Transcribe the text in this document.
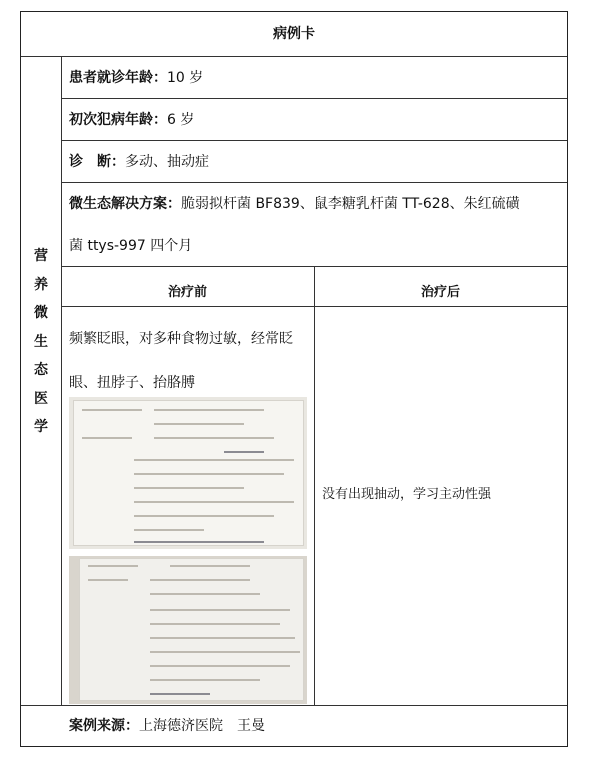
病例卡
营
养
微
生
态
医
学
患者就诊年龄：10 岁
初次犯病年龄：6 岁
诊　断：多动、抽动症
微生态解决方案：脆弱拟杆菌 BF839、鼠李糖乳杆菌 TT-628、朱红硫磺
菌 ttys-997 四个月
治疗前	治疗后
频繁眨眼，对多种食物过敏，经常眨眼、扭脖子、抬胳膊
没有出现抽动，学习主动性强
案例来源：上海德济医院　王曼
